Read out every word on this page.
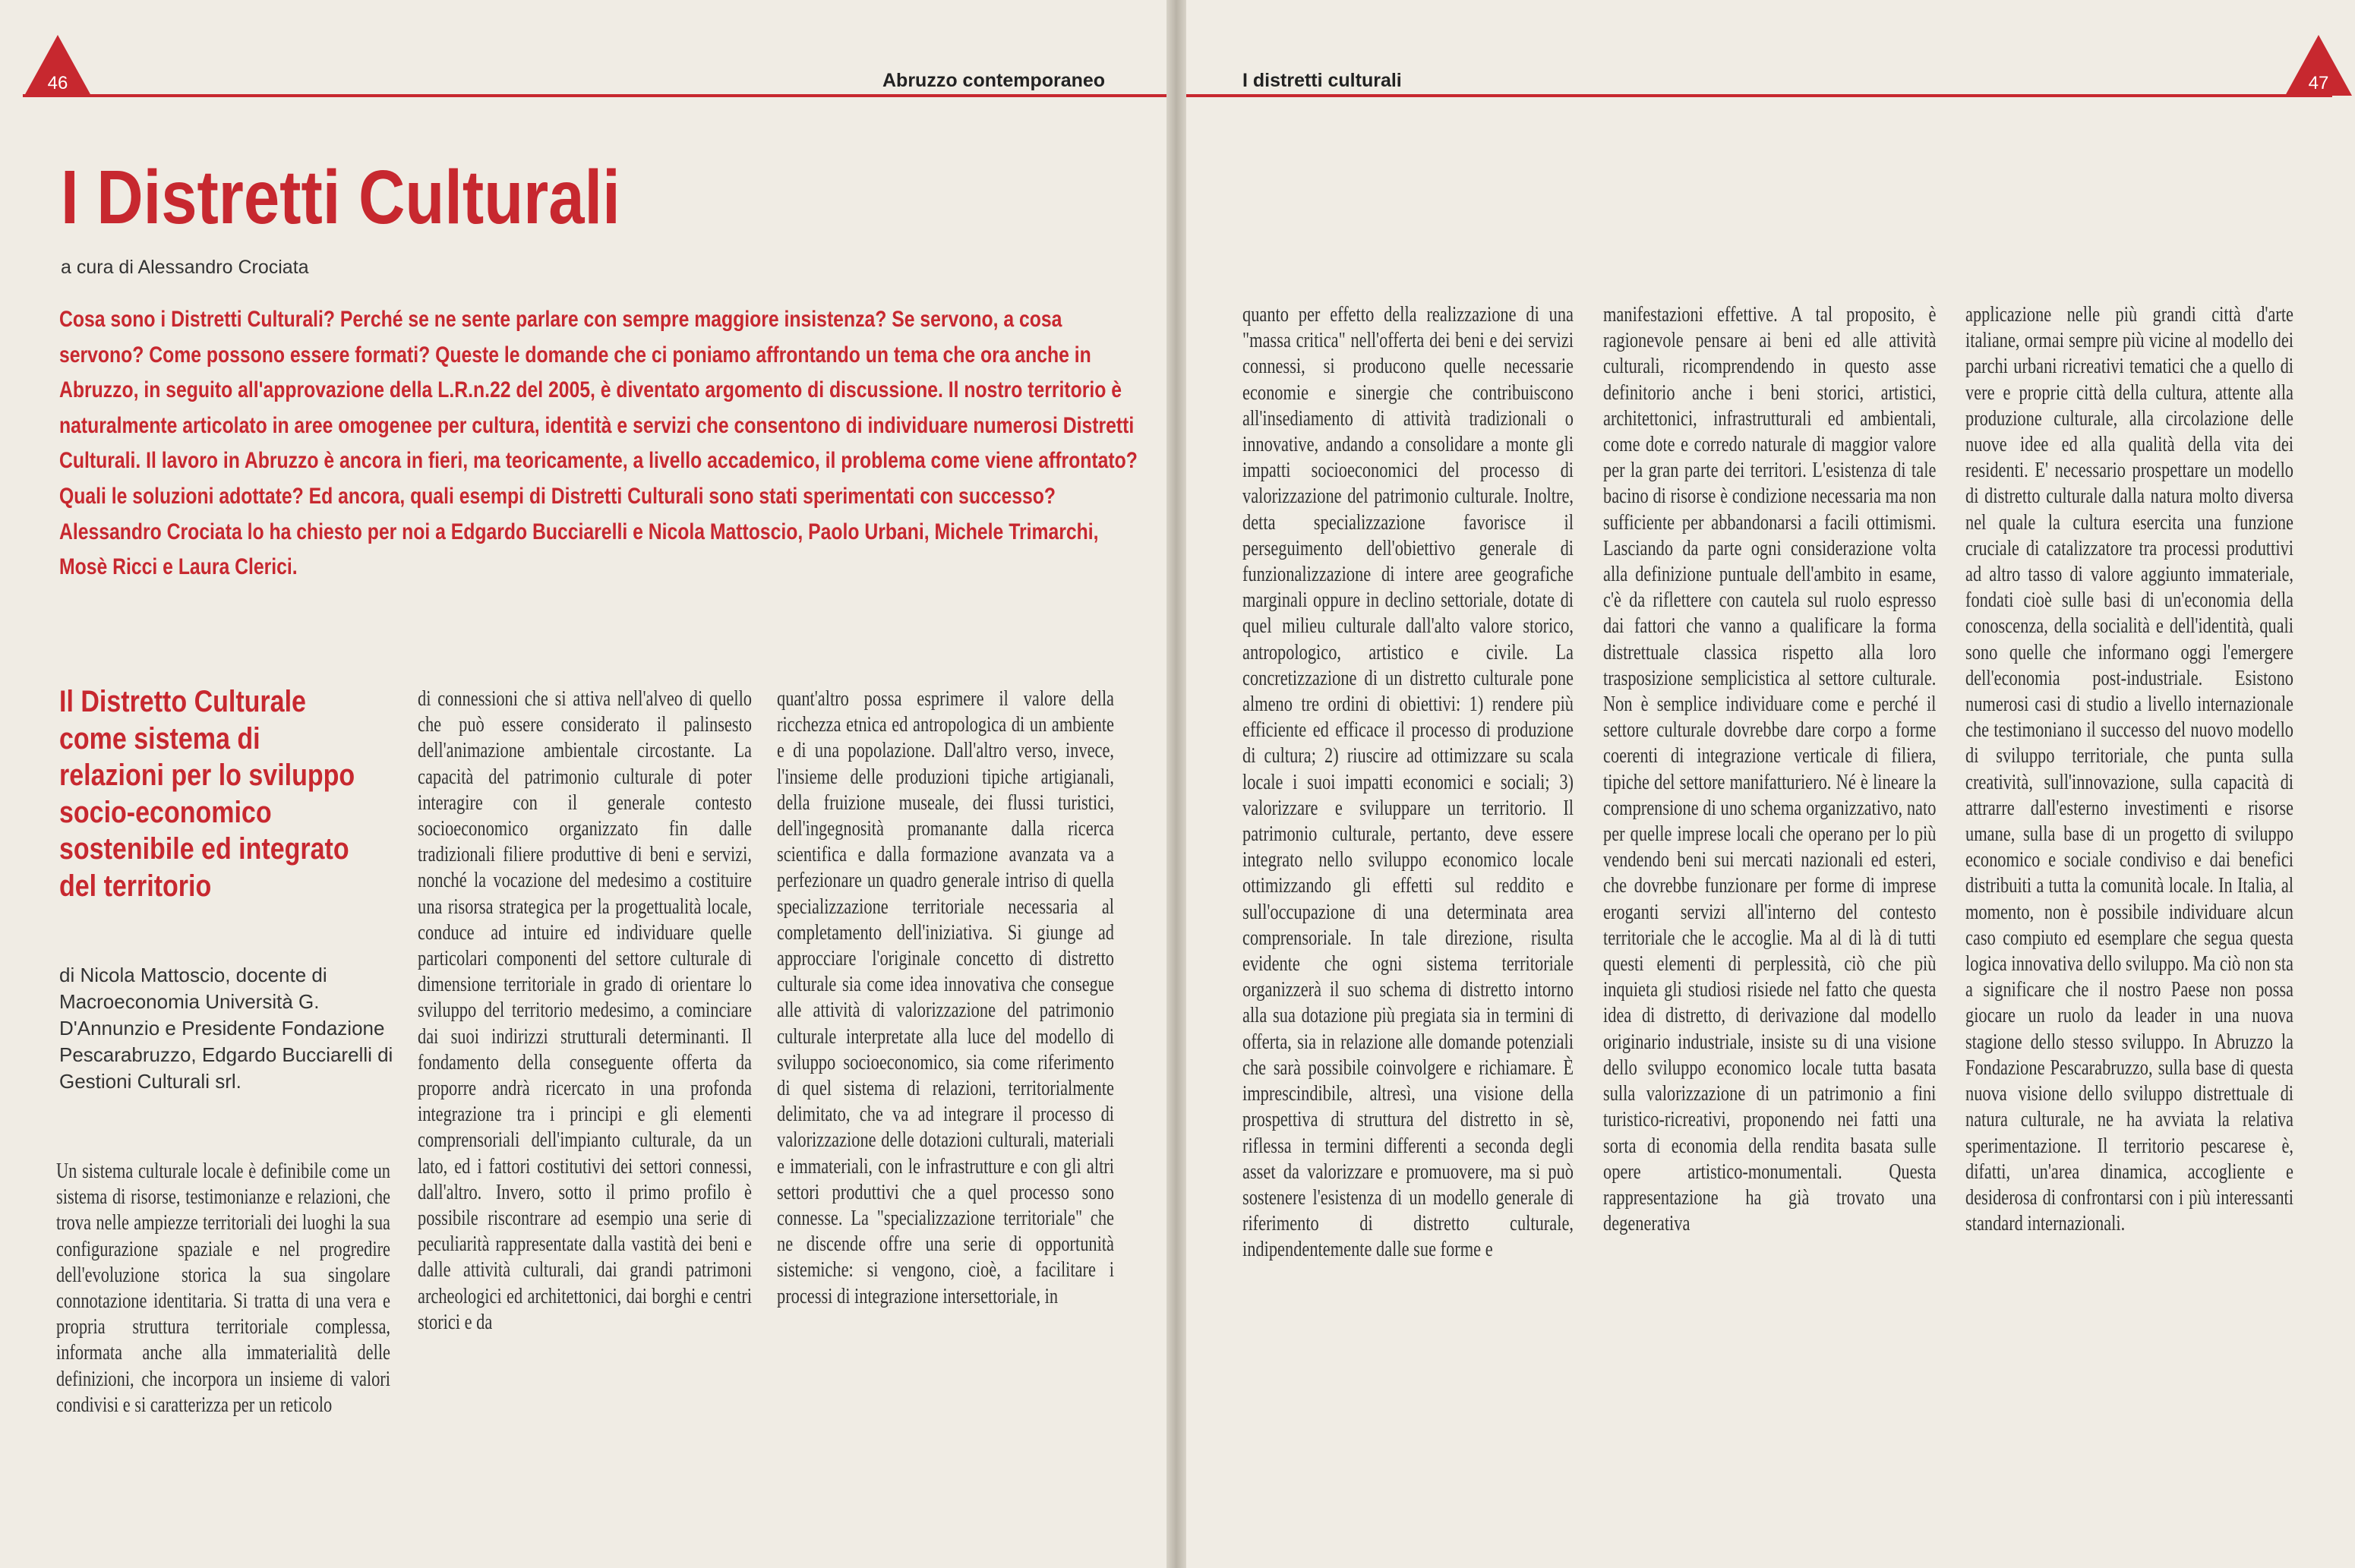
46	Abruzzo contemporaneo
I Distretti Culturali
a cura di Alessandro Crociata

Cosa sono i Distretti Culturali? Perché se ne sente parlare con sempre maggiore insistenza? Se servono, a cosa servono? Come possono essere formati? Queste le domande che ci poniamo affrontando un tema che ora anche in Abruzzo, in seguito all'approvazione della L.R.n.22 del 2005, è diventato argomento di discussione. Il nostro territorio è naturalmente articolato in aree omogenee per cultura, identità e servizi che consentono di individuare numerosi Distretti Culturali. Il lavoro in Abruzzo è ancora in fieri, ma teoricamente, a livello accademico, il problema come viene affrontato? Quali le soluzioni adottate? Ed ancora, quali esempi di Distretti Culturali sono stati sperimentati con successo? Alessandro Crociata lo ha chiesto per noi a Edgardo Bucciarelli e Nicola Mattoscio, Paolo Urbani, Michele Trimarchi, Mosè Ricci e Laura Clerici.

Il Distretto Culturale come sistema di relazioni per lo sviluppo socio-economico sostenibile ed integrato del territorio

di Nicola Mattoscio, docente di Macroeconomia Università G. D'Annunzio e Presidente Fondazione Pescarabruzzo, Edgardo Bucciarelli di Gestioni Culturali srl.

Un sistema culturale locale è definibile come un sistema di risorse, testimonianze e relazioni, che trova nelle ampiezze territoriali dei luoghi la sua configurazione spaziale e nel progredire dell'evoluzione storica la sua singolare connotazione identitaria. Si tratta di una vera e propria struttura territoriale complessa, informata anche alla immaterialità delle definizioni, che incorpora un insieme di valori condivisi e si caratterizza per un reticolo

di connessioni che si attiva nell'alveo di quello che può essere considerato il palinsesto dell'animazione ambientale circostante. La capacità del patrimonio culturale di poter interagire con il generale contesto socioeconomico organizzato fin dalle tradizionali filiere produttive di beni e servizi, nonché la vocazione del medesimo a costituire una risorsa strategica per la progettualità locale, conduce ad intuire ed individuare quelle particolari componenti del settore culturale di dimensione territoriale in grado di orientare lo sviluppo del territorio medesimo, a cominciare dai suoi indirizzi strutturali determinanti. Il fondamento della conseguente offerta da proporre andrà ricercato in una profonda integrazione tra i principi e gli elementi comprensoriali dell'impianto culturale, da un lato, ed i fattori costitutivi dei settori connessi, dall'altro. Invero, sotto il primo profilo è possibile riscontrare ad esempio una serie di peculiarità rappresentate dalla vastità dei beni e dalle attività culturali, dai grandi patrimoni archeologici ed architettonici, dai borghi e centri storici e da

quant'altro possa esprimere il valore della ricchezza etnica ed antropologica di un ambiente e di una popolazione. Dall'altro verso, invece, l'insieme delle produzioni tipiche artigianali, della fruizione museale, dei flussi turistici, dell'ingegnosità promanante dalla ricerca scientifica e dalla formazione avanzata va a perfezionare un quadro generale intriso di quella specializzazione territoriale necessaria al completamento dell'iniziativa. Si giunge ad approcciare l'originale concetto di distretto culturale sia come idea innovativa che consegue alle attività di valorizzazione del patrimonio culturale interpretate alla luce del modello di sviluppo socioeconomico, sia come riferimento di quel sistema di relazioni, territorialmente delimitato, che va ad integrare il processo di valorizzazione delle dotazioni culturali, materiali e immateriali, con le infrastrutture e con gli altri settori produttivi che a quel processo sono connesse. La "specializzazione territoriale" che ne discende offre una serie di opportunità sistemiche: si vengono, cioè, a facilitare i processi di integrazione intersettoriale, in

47
I distretti culturali

quanto per effetto della realizzazione di una "massa critica" nell'offerta dei beni e dei servizi connessi, si producono quelle necessarie economie e sinergie che contribuiscono all'insediamento di attività tradizionali o innovative, andando a consolidare a monte gli impatti socioeconomici del processo di valorizzazione del patrimonio culturale. Inoltre, detta specializzazione favorisce il perseguimento dell'obiettivo generale di funzionalizzazione di intere aree geografiche marginali oppure in declino settoriale, dotate di quel milieu culturale dall'alto valore storico, antropologico, artistico e civile. La concretizzazione di un distretto culturale pone almeno tre ordini di obiettivi: 1) rendere più efficiente ed efficace il processo di produzione di cultura; 2) riuscire ad ottimizzare su scala locale i suoi impatti economici e sociali; 3) valorizzare e sviluppare un territorio. Il patrimonio culturale, pertanto, deve essere integrato nello sviluppo economico locale ottimizzando gli effetti sul reddito e sull'occupazione di una determinata area comprensoriale. In tale direzione, risulta evidente che ogni sistema territoriale organizzerà il suo schema di distretto intorno alla sua dotazione più pregiata sia in termini di offerta, sia in relazione alle domande potenziali che sarà possibile coinvolgere e richiamare. È imprescindibile, altresì, una visione della prospettiva di struttura del distretto in sè, riflessa in termini differenti a seconda degli asset da valorizzare e promuovere, ma si può sostenere l'esistenza di un modello generale di riferimento di distretto culturale, indipendentemente dalle sue forme e

manifestazioni effettive. A tal proposito, è ragionevole pensare ai beni ed alle attività culturali, ricomprendendo in questo asse definitorio anche i beni storici, artistici, architettonici, infrastrutturali ed ambientali, come dote e corredo naturale di maggior valore per la gran parte dei territori. L'esistenza di tale bacino di risorse è condizione necessaria ma non sufficiente per abbandonarsi a facili ottimismi. Lasciando da parte ogni considerazione volta alla definizione puntuale dell'ambito in esame, c'è da riflettere con cautela sul ruolo espresso dai fattori che vanno a qualificare la forma distrettuale classica rispetto alla loro trasposizione semplicistica al settore culturale. Non è semplice individuare come e perché il settore culturale dovrebbe dare corpo a forme coerenti di integrazione verticale di filiera, tipiche del settore manifatturiero. Né è lineare la comprensione di uno schema organizzativo, nato per quelle imprese locali che operano per lo più vendendo beni sui mercati nazionali ed esteri, che dovrebbe funzionare per forme di imprese eroganti servizi all'interno del contesto territoriale che le accoglie. Ma al di là di tutti questi elementi di perplessità, ciò che più inquieta gli studiosi risiede nel fatto che questa idea di distretto, di derivazione dal modello originario industriale, insiste su di una visione dello sviluppo economico locale tutta basata sulla valorizzazione di un patrimonio a fini turistico-ricreativi, proponendo nei fatti una sorta di economia della rendita basata sulle opere artistico-monumentali. Questa rappresentazione ha già trovato una degenerativa

applicazione nelle più grandi città d'arte italiane, ormai sempre più vicine al modello dei parchi urbani ricreativi tematici che a quello di vere e proprie città della cultura, attente alla produzione culturale, alla circolazione delle nuove idee ed alla qualità della vita dei residenti. E' necessario prospettare un modello di distretto culturale dalla natura molto diversa nel quale la cultura esercita una funzione cruciale di catalizzatore tra processi produttivi ad altro tasso di valore aggiunto immateriale, fondati cioè sulle basi di un'economia della conoscenza, della socialità e dell'identità, quali sono quelle che informano oggi l'emergere dell'economia post-industriale. Esistono numerosi casi di studio a livello internazionale che testimoniano il successo del nuovo modello di sviluppo territoriale, che punta sulla creatività, sull'innovazione, sulla capacità di attrarre dall'esterno investimenti e risorse umane, sulla base di un progetto di sviluppo economico e sociale condiviso e dai benefici distribuiti a tutta la comunità locale. In Italia, al momento, non è possibile individuare alcun caso compiuto ed esemplare che segua questa logica innovativa dello sviluppo. Ma ciò non sta a significare che il nostro Paese non possa giocare un ruolo da leader in una nuova stagione dello stesso sviluppo. In Abruzzo la Fondazione Pescarabruzzo, sulla base di questa nuova visione dello sviluppo distrettuale di natura culturale, ne ha avviata la relativa sperimentazione. Il territorio pescarese è, difatti, un'area dinamica, accogliente e desiderosa di confrontarsi con i più interessanti standard internazionali.
